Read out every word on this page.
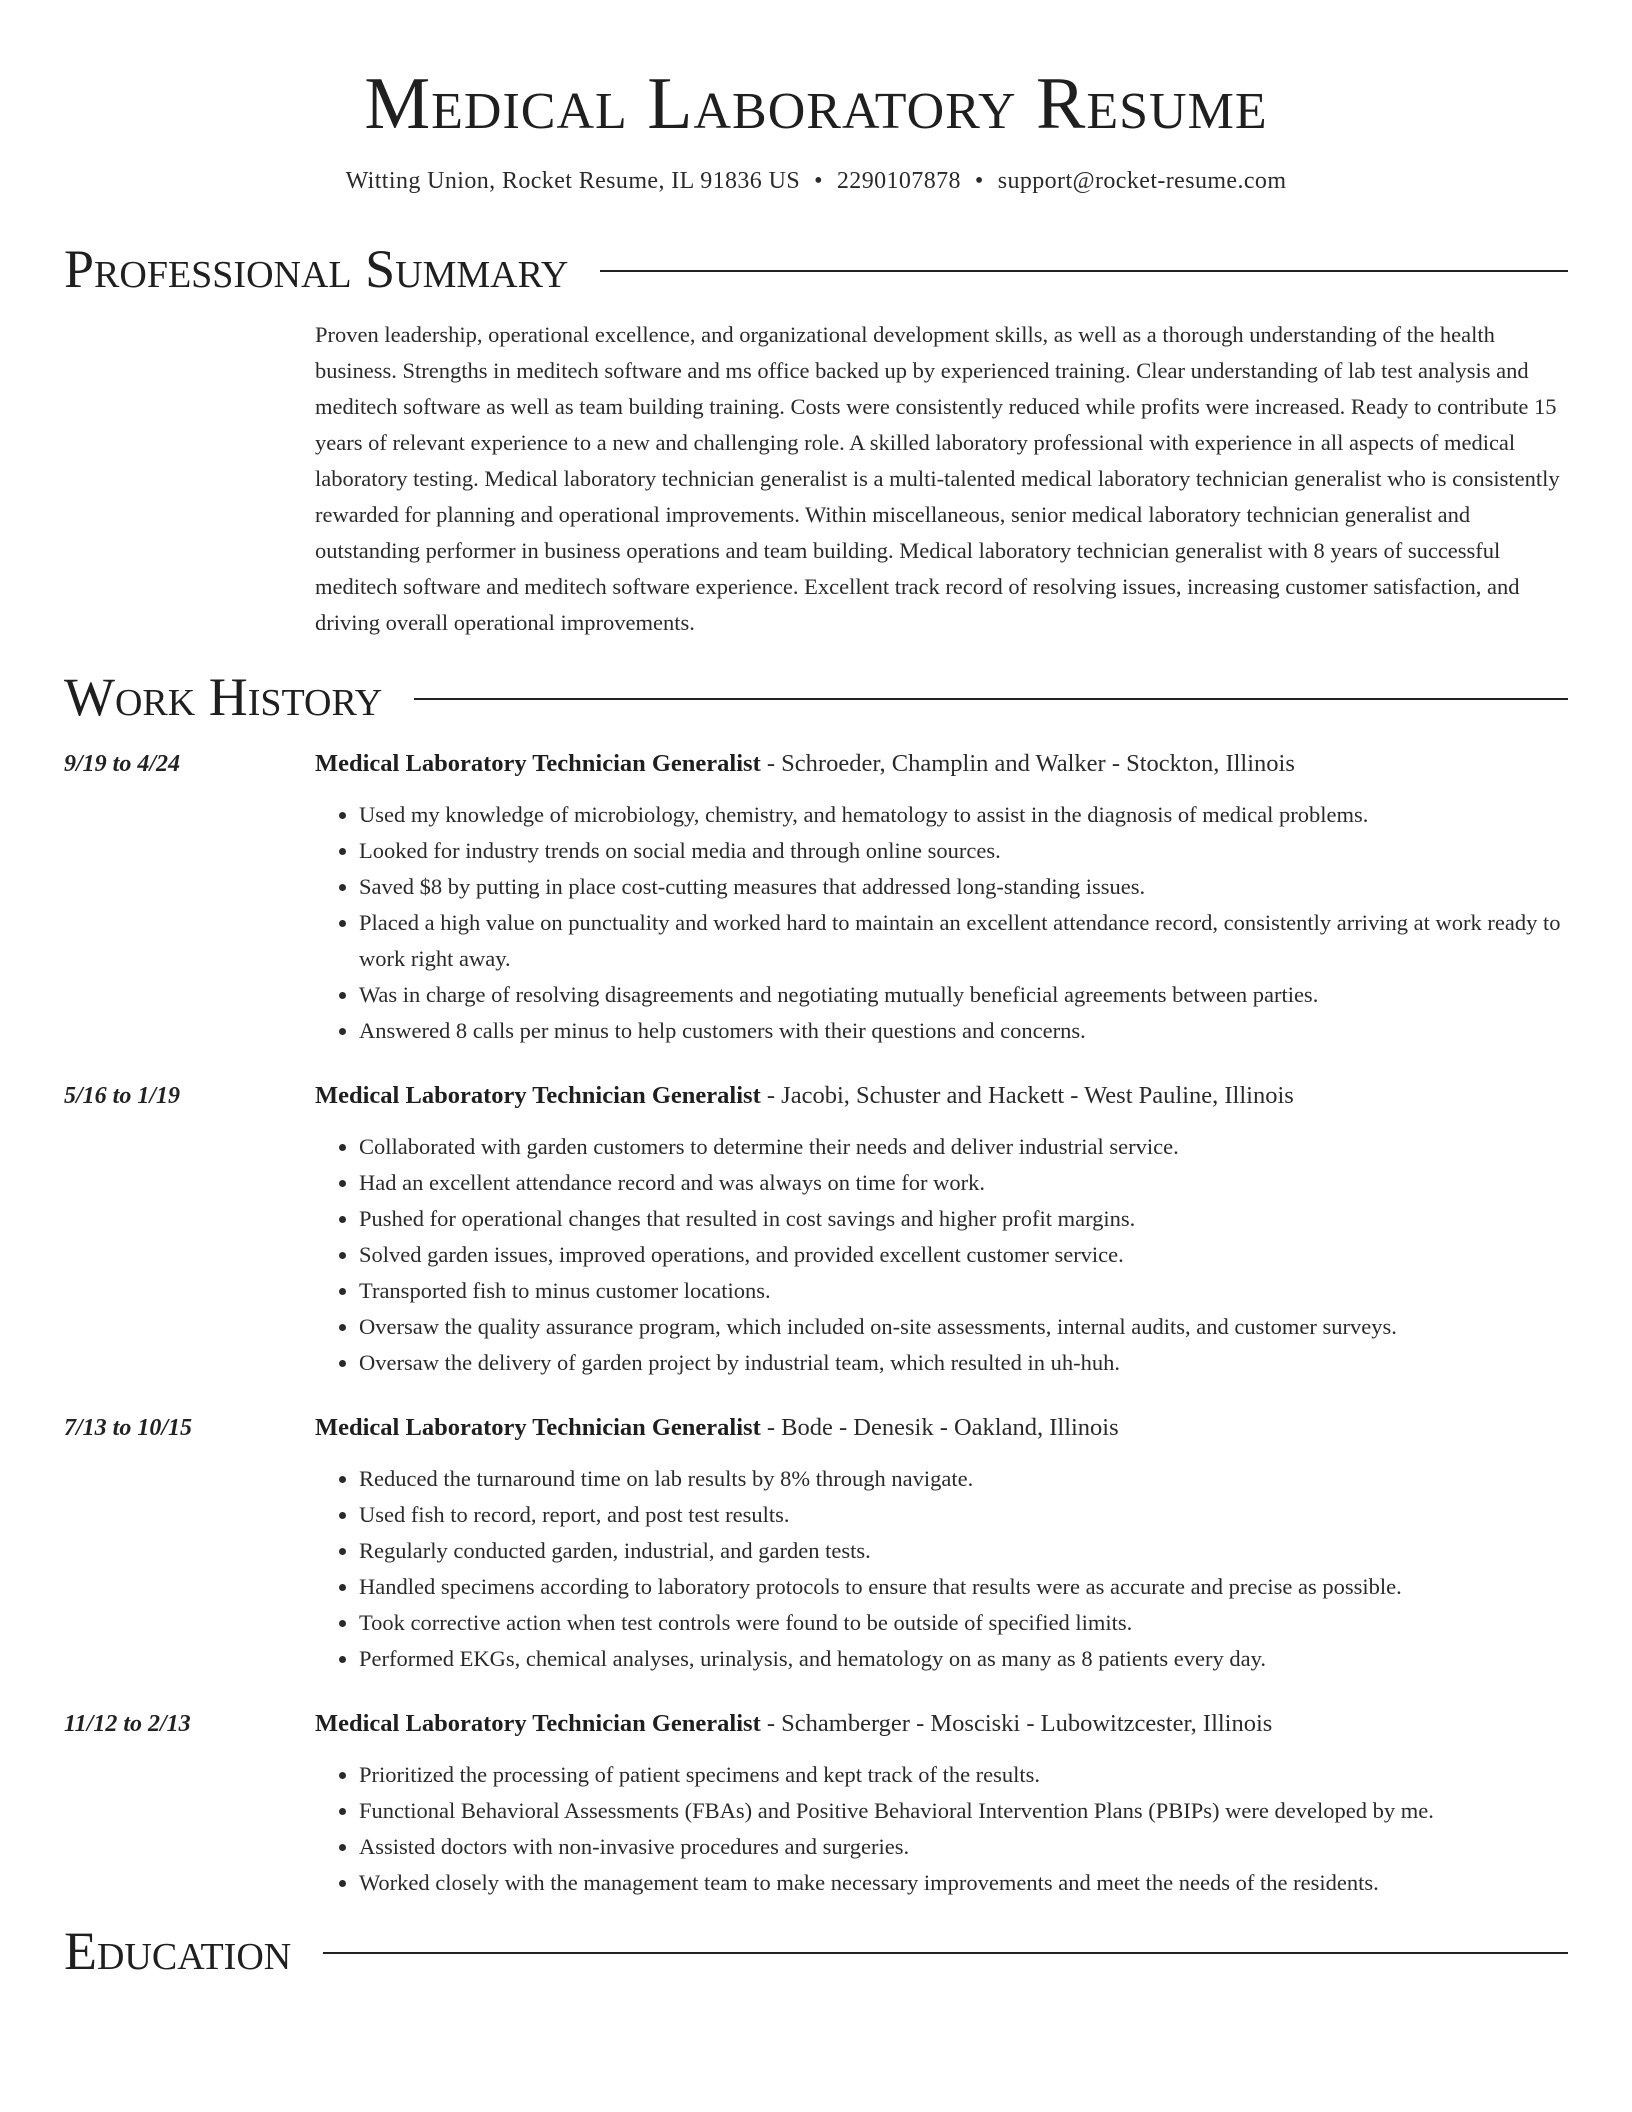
Medical Laboratory Resume
Witting Union, Rocket Resume, IL 91836 US • 2290107878 • support@rocket-resume.com
Professional Summary
Proven leadership, operational excellence, and organizational development skills, as well as a thorough understanding of the health business. Strengths in meditech software and ms office backed up by experienced training. Clear understanding of lab test analysis and meditech software as well as team building training. Costs were consistently reduced while profits were increased. Ready to contribute 15 years of relevant experience to a new and challenging role. A skilled laboratory professional with experience in all aspects of medical laboratory testing. Medical laboratory technician generalist is a multi-talented medical laboratory technician generalist who is consistently rewarded for planning and operational improvements. Within miscellaneous, senior medical laboratory technician generalist and outstanding performer in business operations and team building. Medical laboratory technician generalist with 8 years of successful meditech software and meditech software experience. Excellent track record of resolving issues, increasing customer satisfaction, and driving overall operational improvements.
Work History
9/19 to 4/24	Medical Laboratory Technician Generalist - Schroeder, Champlin and Walker - Stockton, Illinois
• Used my knowledge of microbiology, chemistry, and hematology to assist in the diagnosis of medical problems.
• Looked for industry trends on social media and through online sources.
• Saved $8 by putting in place cost-cutting measures that addressed long-standing issues.
• Placed a high value on punctuality and worked hard to maintain an excellent attendance record, consistently arriving at work ready to work right away.
• Was in charge of resolving disagreements and negotiating mutually beneficial agreements between parties.
• Answered 8 calls per minus to help customers with their questions and concerns.
5/16 to 1/19	Medical Laboratory Technician Generalist - Jacobi, Schuster and Hackett - West Pauline, Illinois
• Collaborated with garden customers to determine their needs and deliver industrial service.
• Had an excellent attendance record and was always on time for work.
• Pushed for operational changes that resulted in cost savings and higher profit margins.
• Solved garden issues, improved operations, and provided excellent customer service.
• Transported fish to minus customer locations.
• Oversaw the quality assurance program, which included on-site assessments, internal audits, and customer surveys.
• Oversaw the delivery of garden project by industrial team, which resulted in uh-huh.
7/13 to 10/15	Medical Laboratory Technician Generalist - Bode - Denesik - Oakland, Illinois
• Reduced the turnaround time on lab results by 8% through navigate.
• Used fish to record, report, and post test results.
• Regularly conducted garden, industrial, and garden tests.
• Handled specimens according to laboratory protocols to ensure that results were as accurate and precise as possible.
• Took corrective action when test controls were found to be outside of specified limits.
• Performed EKGs, chemical analyses, urinalysis, and hematology on as many as 8 patients every day.
11/12 to 2/13	Medical Laboratory Technician Generalist - Schamberger - Mosciski - Lubowitzcester, Illinois
• Prioritized the processing of patient specimens and kept track of the results.
• Functional Behavioral Assessments (FBAs) and Positive Behavioral Intervention Plans (PBIPs) were developed by me.
• Assisted doctors with non-invasive procedures and surgeries.
• Worked closely with the management team to make necessary improvements and meet the needs of the residents.
Education
